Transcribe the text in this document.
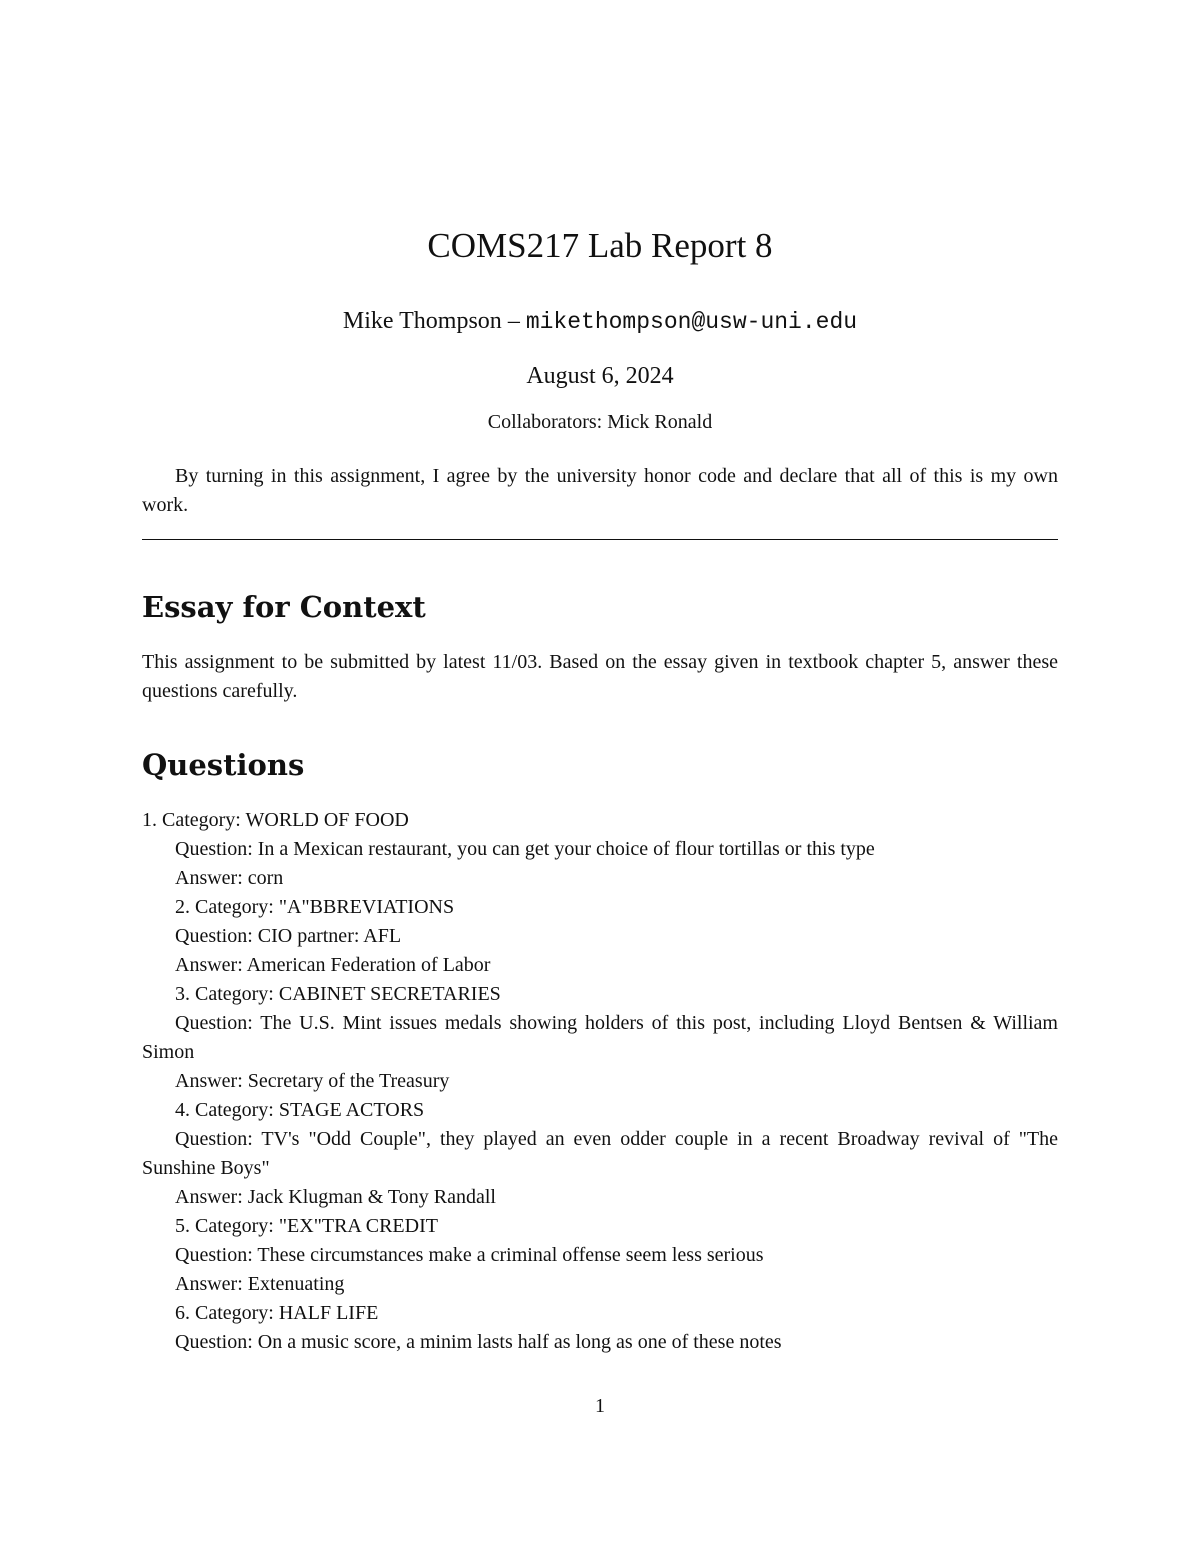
COMS217 Lab Report 8
Mike Thompson – mikethompson@usw-uni.edu
August 6, 2024
Collaborators: Mick Ronald
By turning in this assignment, I agree by the university honor code and declare that all of this is my own work.
Essay for Context
This assignment to be submitted by latest 11/03. Based on the essay given in textbook chapter 5, answer these questions carefully.
Questions

1. Category: WORLD OF FOOD

Question: In a Mexican restaurant, you can get your choice of flour tortillas or this type

Answer: corn

2. Category: "A"BBREVIATIONS

Question: CIO partner: AFL

Answer: American Federation of Labor

3. Category: CABINET SECRETARIES

Question: The U.S. Mint issues medals showing holders of this post, including Lloyd Bentsen & William Simon

Answer: Secretary of the Treasury

4. Category: STAGE ACTORS

Question: TV's "Odd Couple", they played an even odder couple in a recent Broadway revival of "The Sunshine Boys"

Answer: Jack Klugman & Tony Randall

5. Category: "EX"TRA CREDIT

Question: These circumstances make a criminal offense seem less serious

Answer: Extenuating

6. Category: HALF LIFE

Question: On a music score, a minim lasts half as long as one of these notes

1
